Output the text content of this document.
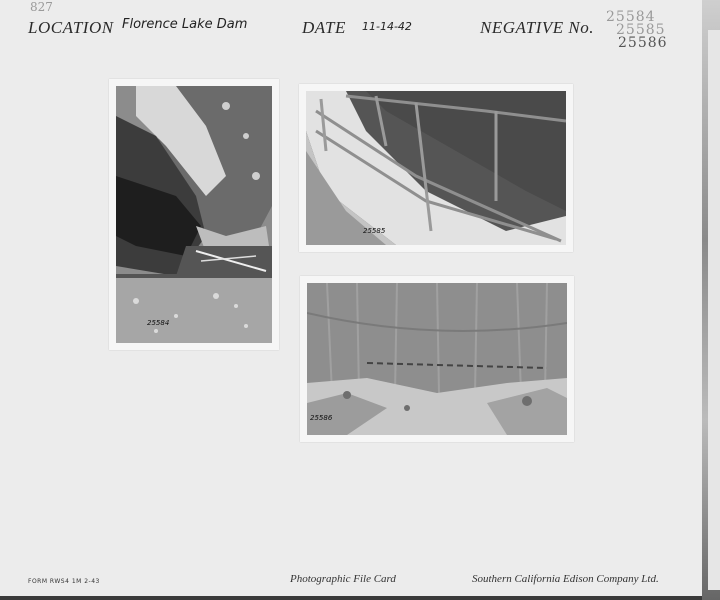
827
LOCATION Florence Lake Dam	DATE 11-14-42	NEGATIVE No.
25584
25585
25586
25584
25585
25586
FORM RWS4 1M 2-43	Photographic File Card	Southern California Edison Company Ltd.
